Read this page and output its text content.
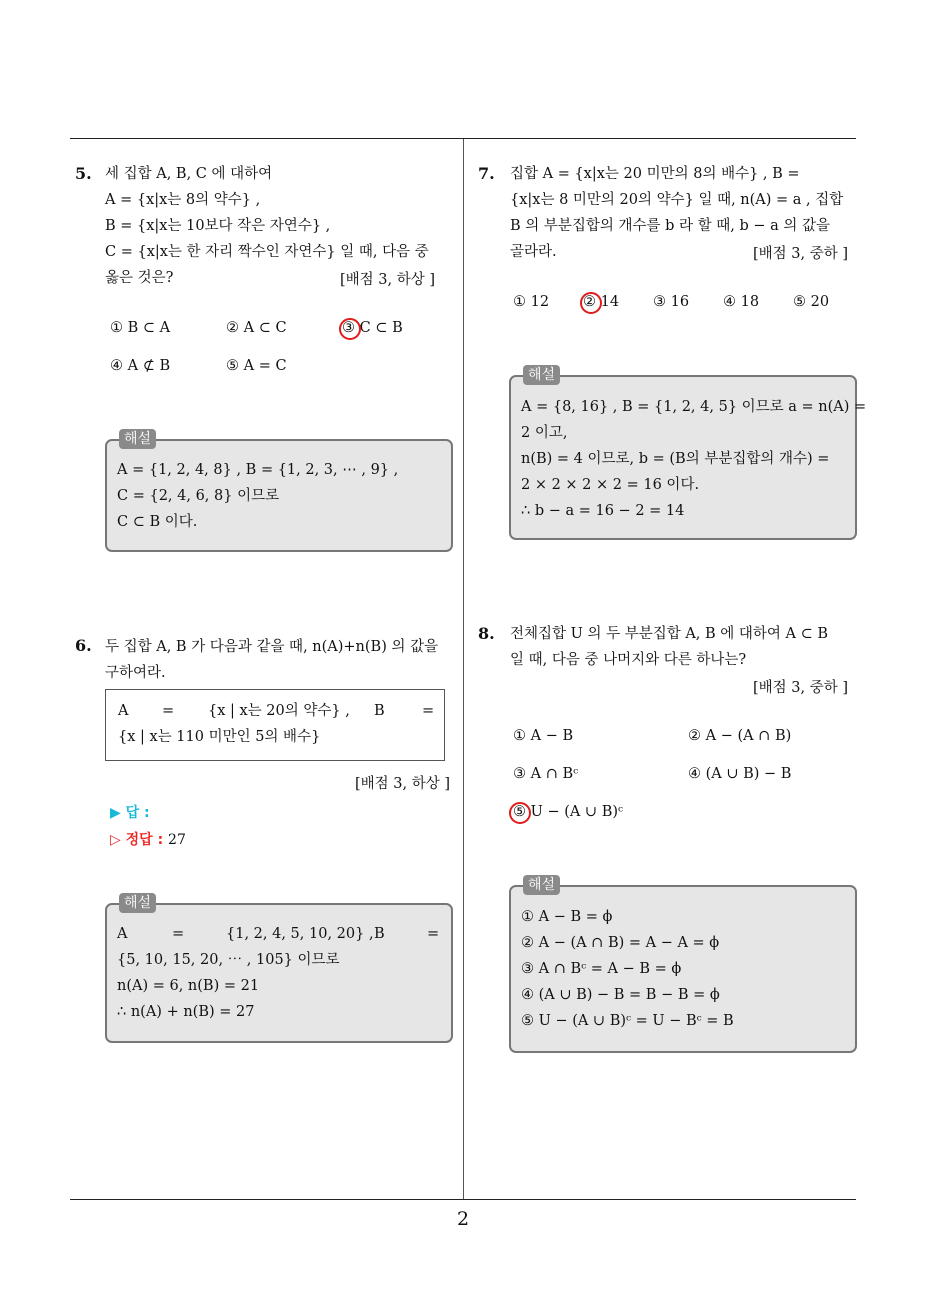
2
5. 세 집합 A, B, C 에 대하여
A = {x|x는 8의 약수} ,
B = {x|x는 10보다 작은 자연수} ,
C = {x|x는 한 자리 짝수인 자연수} 일 때, 다음 중
옳은 것은?	[배점 3, 하상 ]
① B ⊂ A	② A ⊂ C	③ C ⊂ B
④ A ⊄ B	⑤ A = C
해설
A = {1, 2, 4, 8} , B = {1, 2, 3, ⋯ , 9} ,
C = {2, 4, 6, 8} 이므로
C ⊂ B 이다.
6. 두 집합 A, B 가 다음과 같을 때, n(A)+n(B) 의 값을
구하여라.
A = {x | x는 20의 약수} , B	=
{x | x는 110 미만인 5의 배수}
[배점 3, 하상 ]
▶ 답 :
▷ 정답 : 27
해설
A	=	{1, 2, 4, 5, 10, 20} , B	=
{5, 10, 15, 20, ⋯ , 105} 이므로
n(A) = 6, n(B) = 21
∴ n(A) + n(B) = 27
7. 집합 A = {x|x는 20 미만의 8의 배수} , B =
{x|x는 8 미만의 20의 약수} 일 때, n(A) = a , 집합
B 의 부분집합의 개수를 b 라 할 때, b − a 의 값을
골라라.	[배점 3, 중하 ]
① 12 ② 14 ③ 16 ④ 18 ⑤ 20
해설
A = {8, 16} , B = {1, 2, 4, 5} 이므로 a = n(A) =
2 이고,
n(B) = 4 이므로, b = (B의 부분집합의 개수) =
2 × 2 × 2 × 2 = 16 이다.
∴ b − a = 16 − 2 = 14
8. 전체집합 U 의 두 부분집합 A, B 에 대하여 A ⊂ B
일 때, 다음 중 나머지와 다른 하나는?
[배점 3, 중하 ]
① A − B	② A − (A ∩ B)
③ A ∩ Bᶜ	④ (A ∪ B) − B
⑤ U − (A ∪ B)ᶜ
해설
① A − B = ϕ
② A − (A ∩ B) = A − A = ϕ
③ A ∩ Bᶜ = A − B = ϕ
④ (A ∪ B) − B = B − B = ϕ
⑤ U − (A ∪ B)ᶜ = U − Bᶜ = B
